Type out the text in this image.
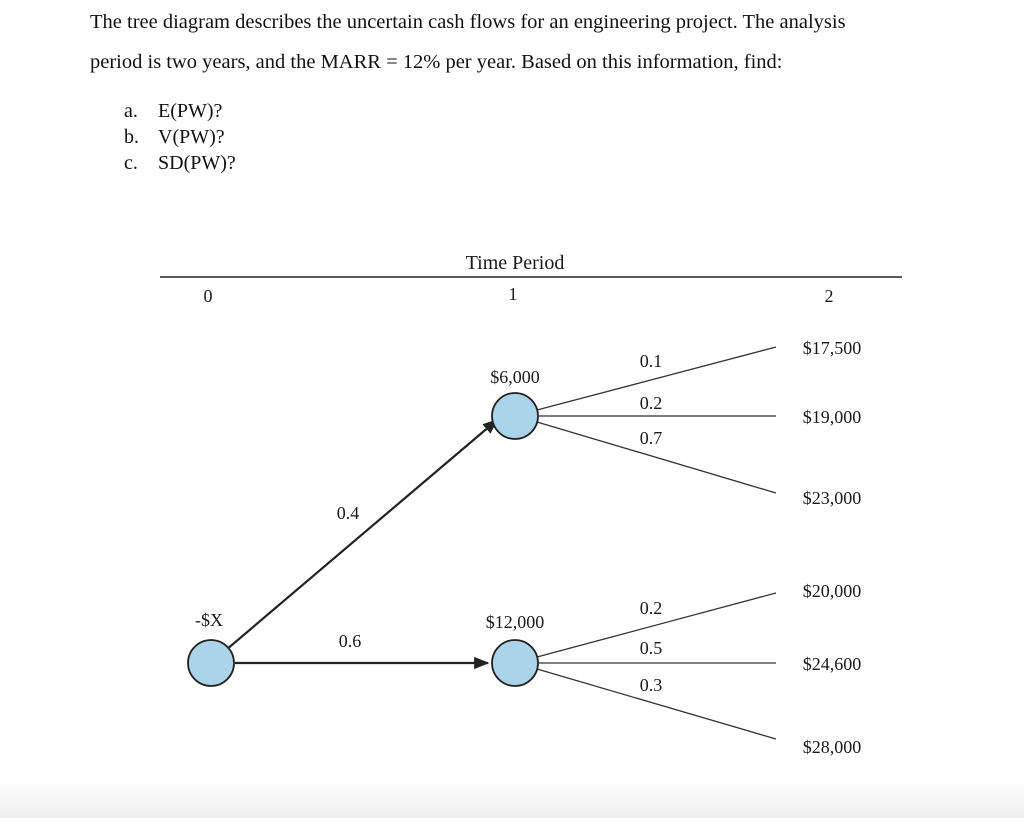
The tree diagram describes the uncertain cash flows for an engineering project. The analysis

period is two years, and the MARR = 12% per year. Based on this information, find:

a.	E(PW)?
b. V(PW)?
c.	SD(PW)?
Time Period
0	1	2
-$X
$6,000
$12,000
0.4
0.6
0.1
0.2
0.7
0.2
0.5
0.3
$17,500
$19,000
$23,000
$20,000
$24,600
$28,000
